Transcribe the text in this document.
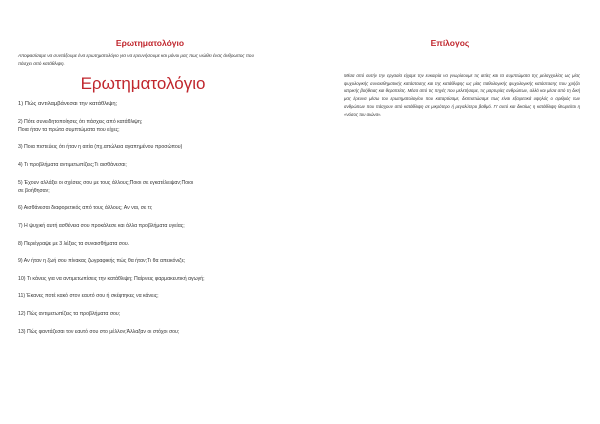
Ερωτηματολόγιο
Αποφασίσαμε να συντάξουμε ένα ερωτηματολόγιο για να ερευνήσουμε και μόνοι μας πως νιώθει ένας άνθρωπος που πάσχει από κατάθλιψη.
Ερωτηματολόγιο
1) Πώς αντιλαμβάνεσαι την κατάθλιψη;
2) Πότε συνειδητοποίησες ότι πάσχεις από κατάθλιψη;
Ποια ήταν τα πρώτα συμπτώματα που είχες;
3) Ποια πιστεύεις ότι ήταν η αιτία (πχ.απώλεια αγαπημένου προσώπου)
4) Τι προβλήματα αντιμετωπίζεις;Τι αισθάνεσαι;
5) Έχουν αλλάξει οι σχέσεις σου με τους άλλους;Ποιοι σε εγκατέλειψαν;Ποιοι
σε βοήθησαν;
6) Αισθάνεσαι διαφορετικός από τους άλλους; Αν ναι, σε τι;
7) Η ψυχική αυτή ασθένεια σου προκάλεσε και άλλα προβλήματα υγείας;
8) Περιέγραψε με 3 λέξεις τα συναισθήματα σου.
9) Αν ήταν η ζωή σου πίνακας ζωγραφικής πώς θα ήταν;Τι θα απεικόνιζε;
10) Τι κάνεις για να αντιμετωπίσεις την κατάθλιψη; Παίρνεις φαρμακευτική αγωγή;
11) Έκανες ποτέ κακό στον εαυτό σου ή σκέφτηκες να κάνεις;
12) Πώς αντιμετωπίζεις τα προβλήματα σου;
13) Πώς φαντάζεσαι τον εαυτό σου στο μέλλον;Άλλαξαν οι στόχοι σου;
Επίλογος
Μέσα από αυτήν την εργασία είχαμε την ευκαιρία να γνωρίσουμε τις αιτίες και τα συμπτώματα της μελαγχολίας ως μίας ψυχολογικής συναισθηματικής κατάστασης και της κατάθλιψης ως μίας παθολογικής ψυχολογικής κατάστασης που χρήζει ιατρικής βοήθειας και θεραπείας. Μέσα από τις πηγές που μελετήσαμε, τις μαρτυρίες ανθρώπων, αλλά και μέσα από τη δική μας έρευνα μέσω του ερωτηματολογίου που καταρτίσαμε, διαπιστώσαμε πως είναι εξαιρετικά υψηλός ο αριθμός των ανθρώπων που πάσχουν από κατάθλιψη σε μικρότερο ή μεγαλύτερο βαθμό. Γι' αυτό και δικαίως η κατάθλιψη θεωρείται η «νόσος του αιώνα».
